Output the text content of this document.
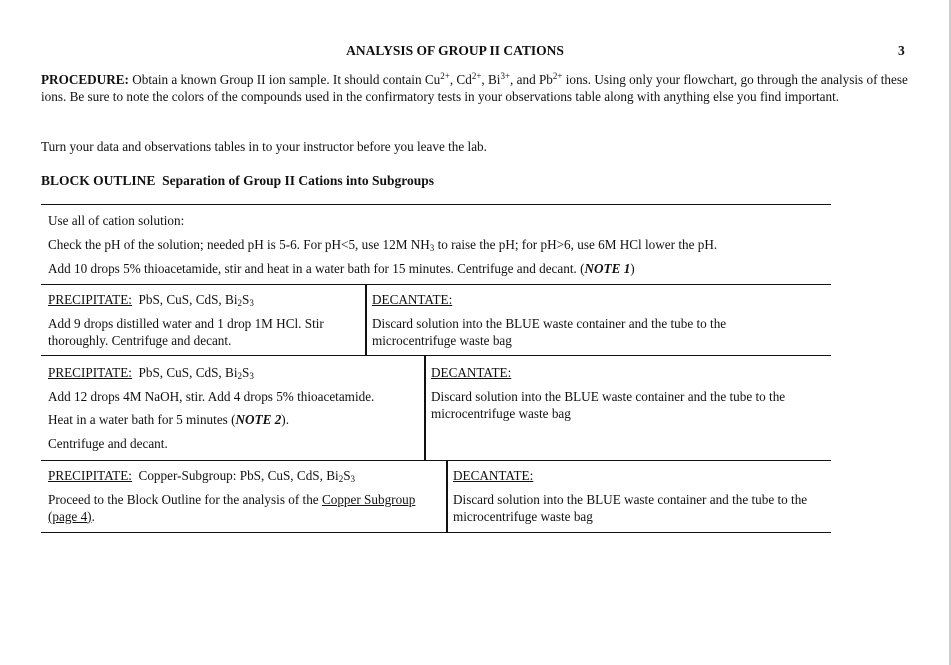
ANALYSIS OF GROUP II CATIONS	3
PROCEDURE: Obtain a known Group II ion sample. It should contain $Cu^{2+}$, $Cd^{2+}$, $Bi^{3+}$, and $Pb^{2+}$ ions. Using only your flowchart, go through the analysis of these ions. Be sure to note the colors of the compounds used in the confirmatory tests in your observations table along with anything else you find important.
Turn your data and observations tables in to your instructor before you leave the lab.
BLOCK OUTLINE Separation of Group II Cations into Subgroups
Use all of cation solution:
Check the pH of the solution; needed pH is 5-6. For pH<5, use 12M $NH_3$ to raise the pH; for pH>6, use 6M HCl lower the pH.
Add 10 drops 5% thioacetamide, stir and heat in a water bath for 15 minutes. Centrifuge and decant. (NOTE 1)
PRECIPITATE: PbS, CuS, CdS, $Bi_2S_3$
Add 9 drops distilled water and 1 drop 1M HCl. Stir thoroughly. Centrifuge and decant.
DECANTATE:
Discard solution into the BLUE waste container and the tube to the microcentrifuge waste bag
PRECIPITATE: PbS, CuS, CdS, $Bi_2S_3$
Add 12 drops 4M NaOH, stir. Add 4 drops 5% thioacetamide.
Heat in a water bath for 5 minutes (NOTE 2).
Centrifuge and decant.
DECANTATE:
Discard solution into the BLUE waste container and the tube to the microcentrifuge waste bag
PRECIPITATE: Copper-Subgroup: PbS, CuS, CdS, $Bi_2S_3$
Proceed to the Block Outline for the analysis of the Copper Subgroup (page 4).
DECANTATE:
Discard solution into the BLUE waste container and the tube to the microcentrifuge waste bag
